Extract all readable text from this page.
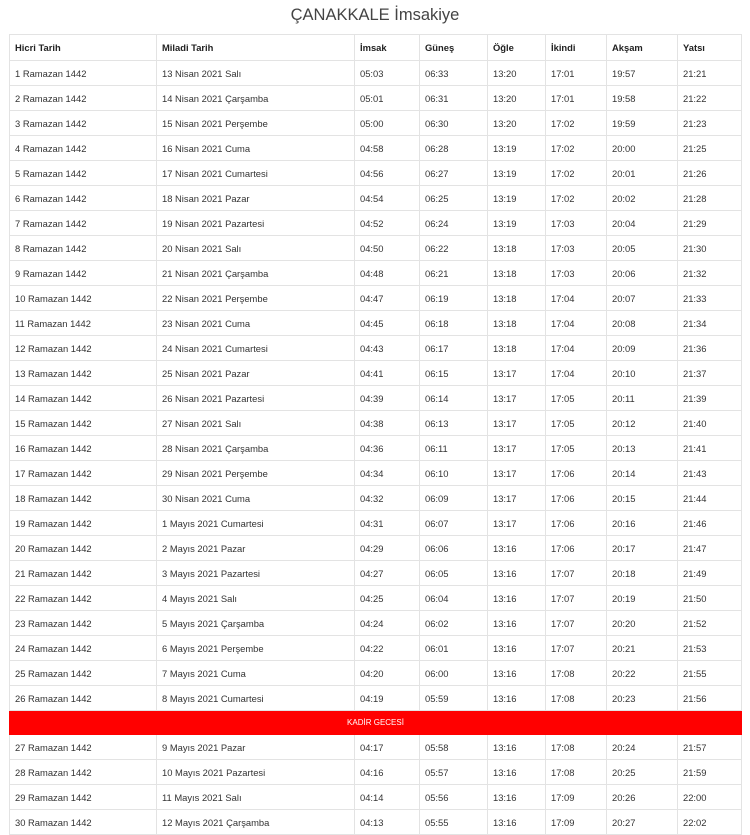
ÇANAKKALE İmsakiye
Hicri Tarih	Miladi Tarih	İmsak	Güneş	Öğle	İkindi	Akşam	Yatsı
1 Ramazan 1442	13 Nisan 2021 Salı	05:03	06:33	13:20	17:01	19:57	21:21
2 Ramazan 1442	14 Nisan 2021 Çarşamba	05:01	06:31	13:20	17:01	19:58	21:22
3 Ramazan 1442	15 Nisan 2021 Perşembe	05:00	06:30	13:20	17:02	19:59	21:23
4 Ramazan 1442	16 Nisan 2021 Cuma	04:58	06:28	13:19	17:02	20:00	21:25
5 Ramazan 1442	17 Nisan 2021 Cumartesi	04:56	06:27	13:19	17:02	20:01	21:26
6 Ramazan 1442	18 Nisan 2021 Pazar	04:54	06:25	13:19	17:02	20:02	21:28
7 Ramazan 1442	19 Nisan 2021 Pazartesi	04:52	06:24	13:19	17:03	20:04	21:29
8 Ramazan 1442	20 Nisan 2021 Salı	04:50	06:22	13:18	17:03	20:05	21:30
9 Ramazan 1442	21 Nisan 2021 Çarşamba	04:48	06:21	13:18	17:03	20:06	21:32
10 Ramazan 1442	22 Nisan 2021 Perşembe	04:47	06:19	13:18	17:04	20:07	21:33
11 Ramazan 1442	23 Nisan 2021 Cuma	04:45	06:18	13:18	17:04	20:08	21:34
12 Ramazan 1442	24 Nisan 2021 Cumartesi	04:43	06:17	13:18	17:04	20:09	21:36
13 Ramazan 1442	25 Nisan 2021 Pazar	04:41	06:15	13:17	17:04	20:10	21:37
14 Ramazan 1442	26 Nisan 2021 Pazartesi	04:39	06:14	13:17	17:05	20:11	21:39
15 Ramazan 1442	27 Nisan 2021 Salı	04:38	06:13	13:17	17:05	20:12	21:40
16 Ramazan 1442	28 Nisan 2021 Çarşamba	04:36	06:11	13:17	17:05	20:13	21:41
17 Ramazan 1442	29 Nisan 2021 Perşembe	04:34	06:10	13:17	17:06	20:14	21:43
18 Ramazan 1442	30 Nisan 2021 Cuma	04:32	06:09	13:17	17:06	20:15	21:44
19 Ramazan 1442	1 Mayıs 2021 Cumartesi	04:31	06:07	13:17	17:06	20:16	21:46
20 Ramazan 1442	2 Mayıs 2021 Pazar	04:29	06:06	13:16	17:06	20:17	21:47
21 Ramazan 1442	3 Mayıs 2021 Pazartesi	04:27	06:05	13:16	17:07	20:18	21:49
22 Ramazan 1442	4 Mayıs 2021 Salı	04:25	06:04	13:16	17:07	20:19	21:50
23 Ramazan 1442	5 Mayıs 2021 Çarşamba	04:24	06:02	13:16	17:07	20:20	21:52
24 Ramazan 1442	6 Mayıs 2021 Perşembe	04:22	06:01	13:16	17:07	20:21	21:53
25 Ramazan 1442	7 Mayıs 2021 Cuma	04:20	06:00	13:16	17:08	20:22	21:55
26 Ramazan 1442	8 Mayıs 2021 Cumartesi	04:19	05:59	13:16	17:08	20:23	21:56
KADİR GECESİ							
27 Ramazan 1442	9 Mayıs 2021 Pazar	04:17	05:58	13:16	17:08	20:24	21:57
28 Ramazan 1442	10 Mayıs 2021 Pazartesi	04:16	05:57	13:16	17:08	20:25	21:59
29 Ramazan 1442	11 Mayıs 2021 Salı	04:14	05:56	13:16	17:09	20:26	22:00
30 Ramazan 1442	12 Mayıs 2021 Çarşamba	04:13	05:55	13:16	17:09	20:27	22:02
